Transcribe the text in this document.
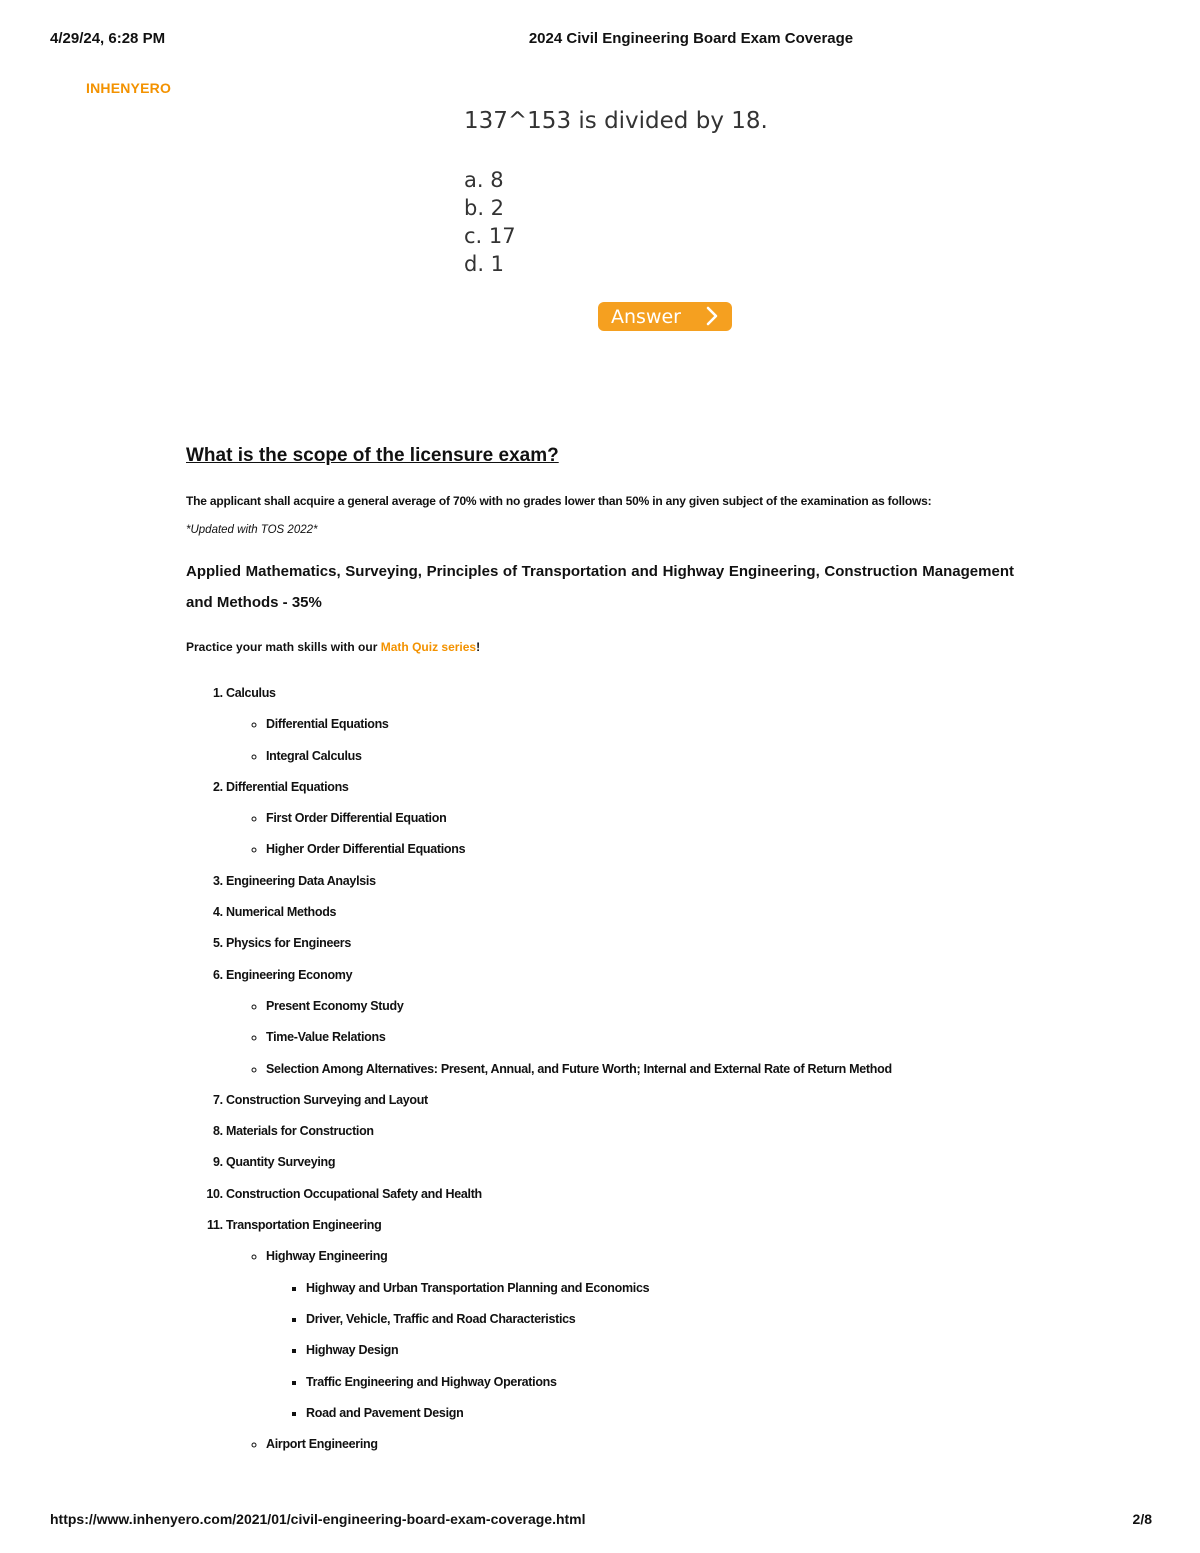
4/29/24, 6:28 PM	2024 Civil Engineering Board Exam Coverage
INHENYERO
137^153 is divided by 18.
a. 8
b. 2
c. 17
d. 1
Answer
What is the scope of the licensure exam?
The applicant shall acquire a general average of 70% with no grades lower than 50% in any given subject of the examination as follows:
*Updated with TOS 2022*
Applied Mathematics, Surveying, Principles of Transportation and Highway Engineering, Construction Management and Methods - 35%
Practice your math skills with our Math Quiz series!
1. Calculus
◦ Differential Equations
◦ Integral Calculus
2. Differential Equations
◦ First Order Differential Equation
◦ Higher Order Differential Equations
3. Engineering Data Anaylsis
4. Numerical Methods
5. Physics for Engineers
6. Engineering Economy
◦ Present Economy Study
◦ Time-Value Relations
◦ Selection Among Alternatives: Present, Annual, and Future Worth; Internal and External Rate of Return Method
7. Construction Surveying and Layout
8. Materials for Construction
9. Quantity Surveying
10. Construction Occupational Safety and Health
11. Transportation Engineering
◦ Highway Engineering
▪ Highway and Urban Transportation Planning and Economics
▪ Driver, Vehicle, Traffic and Road Characteristics
▪ Highway Design
▪ Traffic Engineering and Highway Operations
▪ Road and Pavement Design
◦ Airport Engineering
https://www.inhenyero.com/2021/01/civil-engineering-board-exam-coverage.html	2/8
